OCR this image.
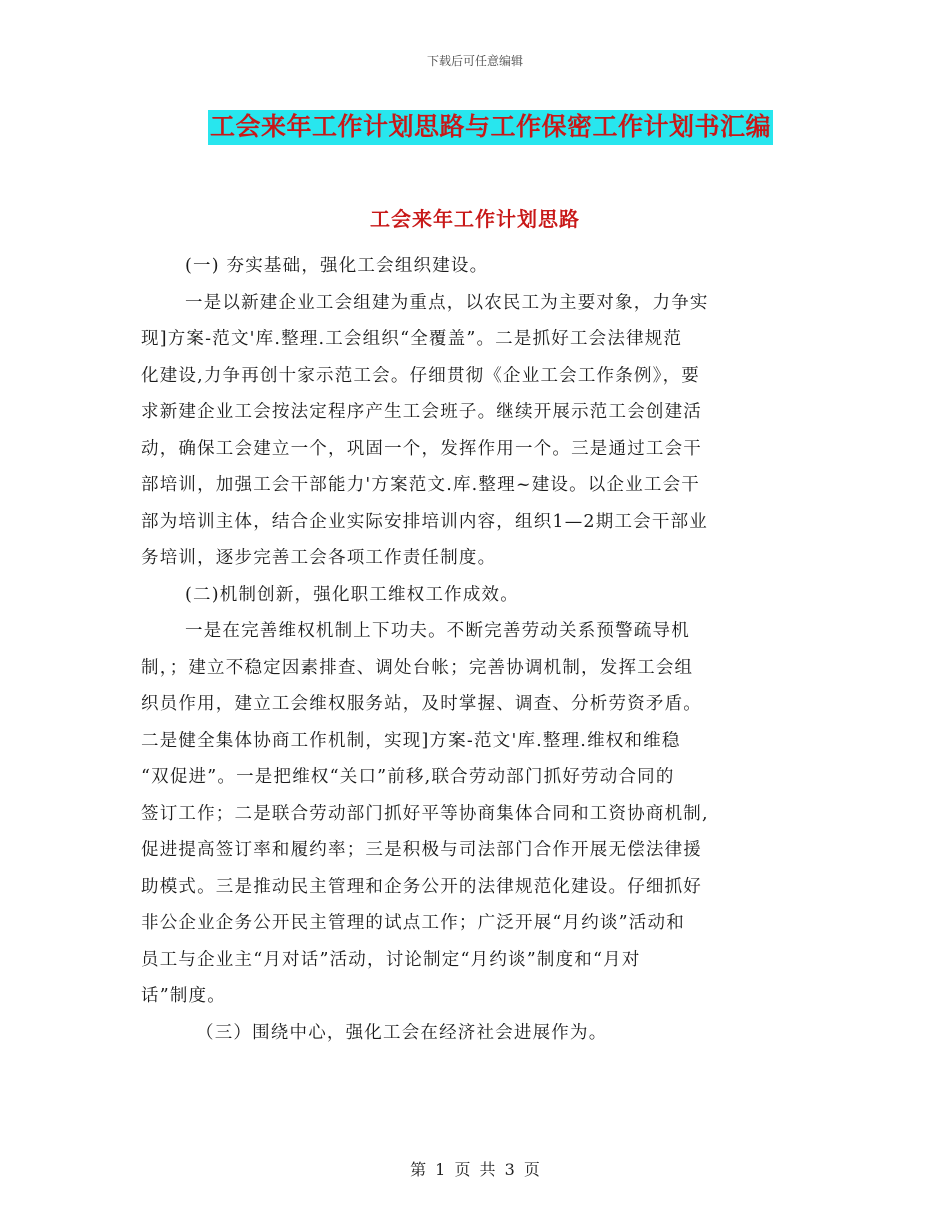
下载后可任意编辑
工会来年工作计划思路与工作保密工作计划书汇编
工会来年工作计划思路

(一) 夯实基础，强化工会组织建设。

一是以新建企业工会组建为重点，以农民工为主要对象，力争实

现]方案-范文'库.整理.工会组织“全覆盖”。二是抓好工会法律规范

化建设,力争再创十家示范工会。仔细贯彻《企业工会工作条例》，要

求新建企业工会按法定程序产生工会班子。继续开展示范工会创建活

动，确保工会建立一个，巩固一个，发挥作用一个。三是通过工会干

部培训，加强工会干部能力'方案范文.库.整理~建设。以企业工会干

部为培训主体，结合企业实际安排培训内容，组织1—2期工会干部业

务培训，逐步完善工会各项工作责任制度。

(二)机制创新，强化职工维权工作成效。

一是在完善维权机制上下功夫。不断完善劳动关系预警疏导机

制，；建立不稳定因素排查、调处台帐；完善协调机制，发挥工会组

织员作用，建立工会维权服务站，及时掌握、调查、分析劳资矛盾。

二是健全集体协商工作机制，实现]方案-范文'库.整理.维权和维稳

“双促进”。一是把维权“关口”前移,联合劳动部门抓好劳动合同的

签订工作；二是联合劳动部门抓好平等协商集体合同和工资协商机制,

促进提高签订率和履约率；三是积极与司法部门合作开展无偿法律援

助模式。三是推动民主管理和企务公开的法律规范化建设。仔细抓好

非公企业企务公开民主管理的试点工作；广泛开展“月约谈”活动和

员工与企业主“月对话”活动，讨论制定“月约谈”制度和“月对

话”制度。

（三）围绕中心，强化工会在经济社会进展作为。

第 1 页 共 3 页
